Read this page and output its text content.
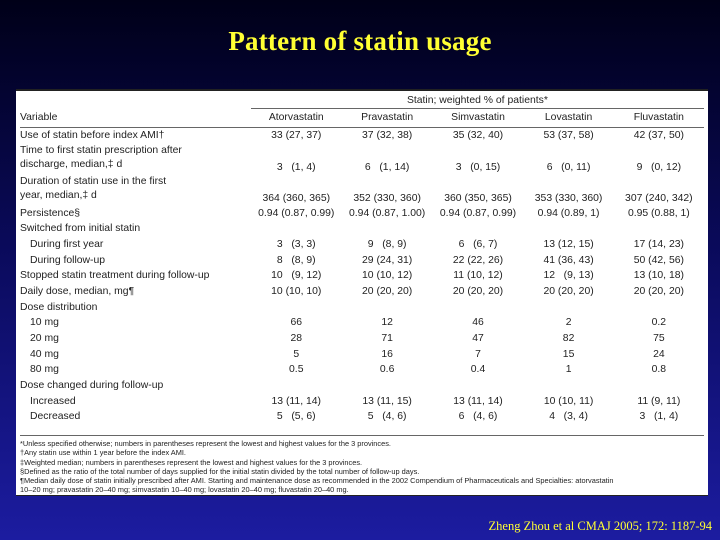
Pattern of statin usage
	Statin; weighted % of patients*				
Variable	Atorvastatin	Pravastatin	Simvastatin	Lovastatin	Fluvastatin

Use of statin before index AMI†	33 (27, 37)	37 (32, 38)	35 (32, 40)	53 (37, 58)	42 (37, 50)

Time to first statin prescription after
discharge, median,‡ d	3   (1, 4)	6   (1, 14)	3   (0, 15)	6   (0, 11)	9   (0, 12)

Duration of statin use in the first
year, median,‡ d	364 (360, 365)	352 (330, 360)	360 (350, 365)	353 (330, 360)	307 (240, 342)

Persistence§	0.94 (0.87, 0.99)	0.94 (0.87, 1.00)	0.94 (0.87, 0.99)	0.94 (0.89, 1)	0.95 (0.88, 1)

Switched from initial statin					

During first year	3   (3, 3)	9   (8, 9)	6   (6, 7)	13 (12, 15)	17 (14, 23)

During follow-up	8   (8, 9)	29 (24, 31)	22 (22, 26)	41 (36, 43)	50 (42, 56)

Stopped statin treatment during follow-up	10   (9, 12)	10 (10, 12)	11 (10, 12)	12   (9, 13)	13 (10, 18)

Daily dose, median, mg¶	10 (10, 10)	20 (20, 20)	20 (20, 20)	20 (20, 20)	20 (20, 20)

Dose distribution					

10 mg	66	12	46	2	0.2

20 mg	28	71	47	82	75

40 mg	5	16	7	15	24

80 mg	0.5	0.6	0.4	1	0.8

Dose changed during follow-up					

Increased	13 (11, 14)	13 (11, 15)	13 (11, 14)	10 (10, 11)	11 (9, 11)

Decreased	5   (5, 6)	5   (4, 6)	6   (4, 6)	4   (3, 4)	3   (1, 4)
*Unless specified otherwise; numbers in parentheses represent the lowest and highest values for the 3 provinces.
†Any statin use within 1 year before the index AMI.
‡Weighted median; numbers in parentheses represent the lowest and highest values for the 3 provinces.
§Defined as the ratio of the total number of days supplied for the initial statin divided by the total number of follow-up days.
¶Median daily dose of statin initially prescribed after AMI. Starting and maintenance dose as recommended in the 2002 Compendium of Pharmaceuticals and Specialties: atorvastatin
10–20 mg; pravastatin 20–40 mg; simvastatin 10–40 mg; lovastatin 20–40 mg; fluvastatin 20–40 mg.
Zheng Zhou et al CMAJ 2005; 172: 1187-94
